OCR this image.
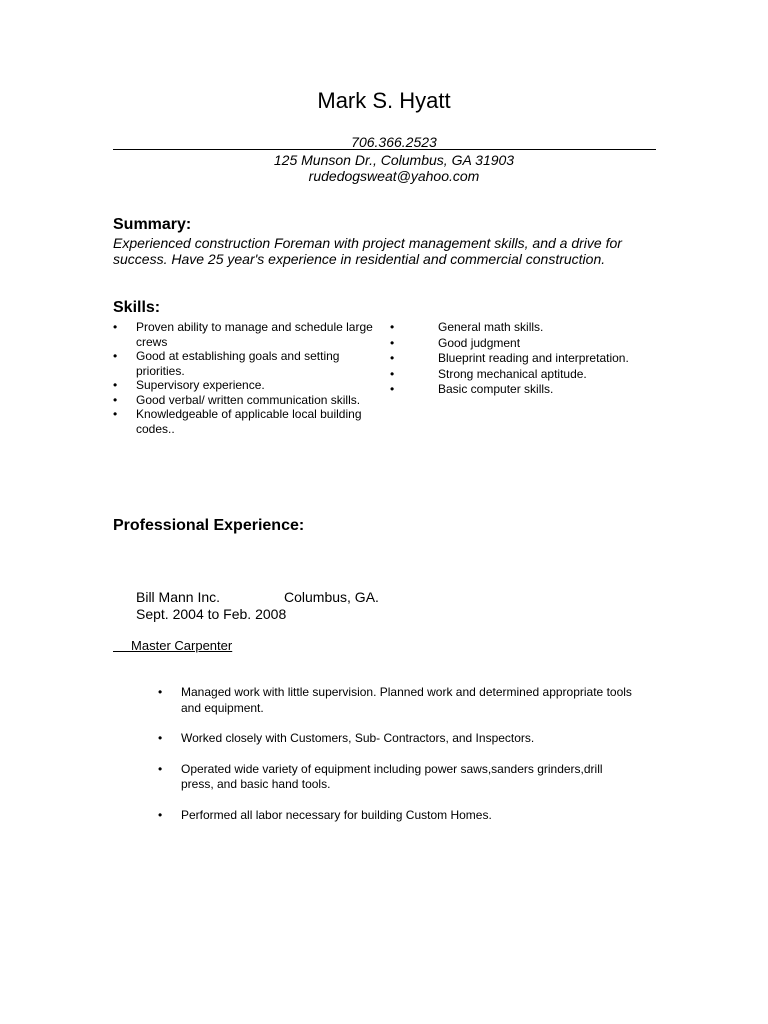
Mark S. Hyatt
706.366.2523
125 Munson Dr., Columbus, GA 31903
rudedogsweat@yahoo.com
Summary:
Experienced construction Foreman with project management skills, and a drive for success. Have 25 year's experience in residential and commercial construction.
Skills:
• Proven ability to manage and schedule large crews
• Good at establishing goals and setting priorities.
• Supervisory experience.
• Good verbal/ written communication skills.
• Knowledgeable of applicable local building codes..
•	General math skills.
•	Good judgment
•	Blueprint reading and interpretation.
•	Strong mechanical aptitude.
•	Basic computer skills.
Professional Experience:
Bill Mann Inc.	Columbus, GA.
Sept. 2004 to Feb. 2008
Master Carpenter
• Managed work with little supervision. Planned work and determined appropriate tools and equipment.
• Worked closely with Customers, Sub- Contractors, and Inspectors.
• Operated wide variety of equipment including power saws,sanders grinders,drill press, and basic hand tools.
• Performed all labor necessary for building Custom Homes.
